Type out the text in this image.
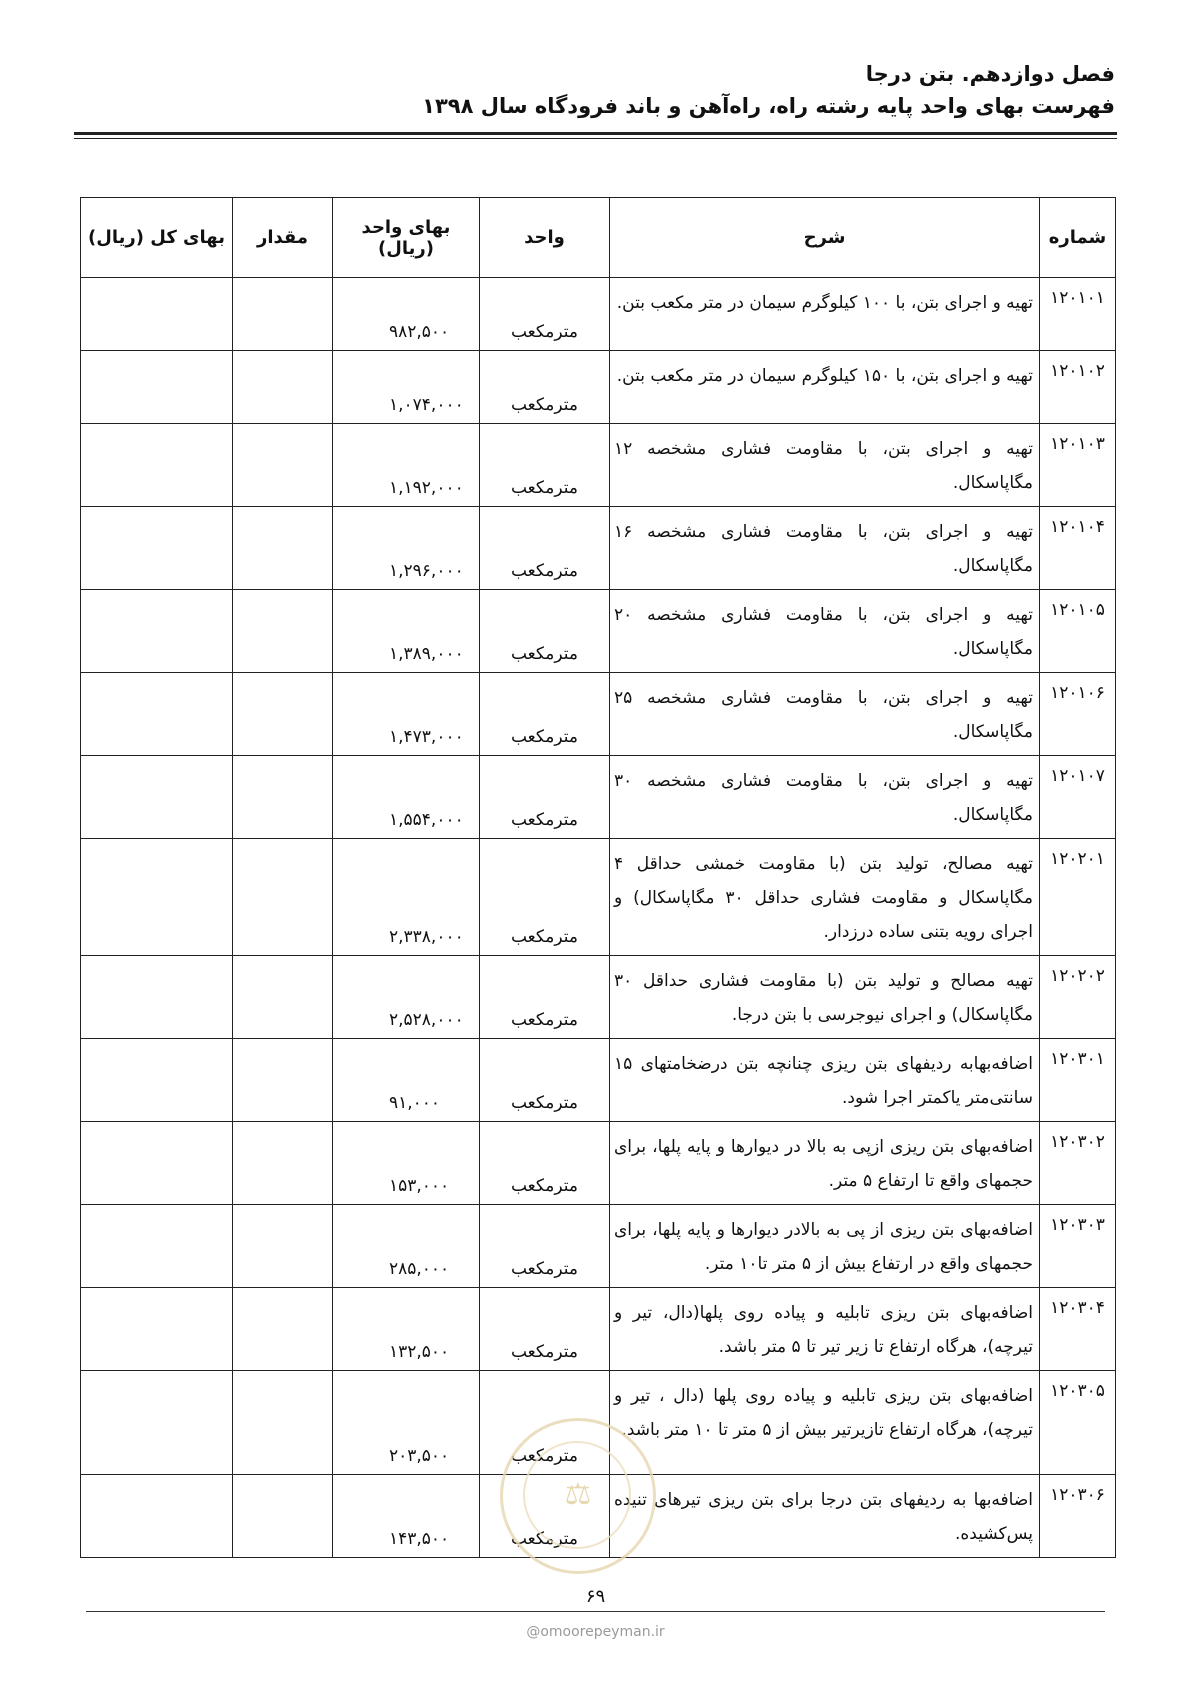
فصل دوازدهم. بتن درجا
فهرست بهای واحد پایه رشته راه، راه‌آهن و باند فرودگاه سال ۱۳۹۸
شماره	شرح	واحد	بهای واحد (ریال)	مقدار	بهای کل (ریال)
۱۲۰۱۰۱	تهیه و اجرای بتن، با ۱۰۰ کیلوگرم سیمان در متر مکعب بتن.	مترمکعب	۹۸۲,۵۰۰		
۱۲۰۱۰۲	تهیه و اجرای بتن، با ۱۵۰ کیلوگرم سیمان در متر مکعب بتن.	مترمکعب	۱,۰۷۴,۰۰۰		
۱۲۰۱۰۳	تهیه و اجرای بتن، با مقاومت فشاری مشخصه ۱۲ مگاپاسکال.	مترمکعب	۱,۱۹۲,۰۰۰		
۱۲۰۱۰۴	تهیه و اجرای بتن، با مقاومت فشاری مشخصه ۱۶ مگاپاسکال.	مترمکعب	۱,۲۹۶,۰۰۰		
۱۲۰۱۰۵	تهیه و اجرای بتن، با مقاومت فشاری مشخصه ۲۰ مگاپاسکال.	مترمکعب	۱,۳۸۹,۰۰۰		
۱۲۰۱۰۶	تهیه و اجرای بتن، با مقاومت فشاری مشخصه ۲۵ مگاپاسکال.	مترمکعب	۱,۴۷۳,۰۰۰		
۱۲۰۱۰۷	تهیه و اجرای بتن، با مقاومت فشاری مشخصه ۳۰ مگاپاسکال.	مترمکعب	۱,۵۵۴,۰۰۰		
۱۲۰۲۰۱	تهیه مصالح، تولید بتن (با مقاومت خمشی حداقل ۴ مگاپاسکال و مقاومت فشاری حداقل ۳۰ مگاپاسکال) و اجرای رویه بتنی ساده درزدار.	مترمکعب	۲,۳۳۸,۰۰۰		
۱۲۰۲۰۲	تهیه مصالح و تولید بتن (با مقاومت فشاری حداقل ۳۰ مگاپاسکال) و اجرای نیوجرسی با بتن درجا.	مترمکعب	۲,۵۲۸,۰۰۰		
۱۲۰۳۰۱	اضافه‌بهابه ردیفهای بتن ریزی چنانچه بتن درضخامتهای ۱۵ سانتی‌متر یاکمتر اجرا شود.	مترمکعب	۹۱,۰۰۰		
۱۲۰۳۰۲	اضافه‌بهای بتن ریزی ازپی به بالا در دیوارها و پایه پلها، برای حجمهای واقع تا ارتفاع ۵ متر.	مترمکعب	۱۵۳,۰۰۰		
۱۲۰۳۰۳	اضافه‌بهای بتن ریزی از پی به بالادر دیوارها و پایه پلها، برای حجمهای واقع در ارتفاع بیش از ۵ متر تا۱۰ متر.	مترمکعب	۲۸۵,۰۰۰		
۱۲۰۳۰۴	اضافه‌بهای بتن ریزی تابلیه و پیاده روی پلها(دال، تیر و تیرچه)، هرگاه ارتفاع تا زیر تیر تا ۵ متر باشد.	مترمکعب	۱۳۲,۵۰۰		
۱۲۰۳۰۵	اضافه‌بهای بتن ریزی تابلیه و پیاده روی پلها (دال ، تیر و تیرچه)، هرگاه ارتفاع تازیرتیر بیش از ۵ متر تا ۱۰ متر باشد.	مترمکعب	۲۰۳,۵۰۰		
۱۲۰۳۰۶	اضافه‌بها به ردیفهای بتن درجا برای بتن ریزی تیرهای تنیده پس‌کشیده.	مترمکعب	۱۴۳,۵۰۰		
⚖
۶۹
@omoorepeyman.ir
